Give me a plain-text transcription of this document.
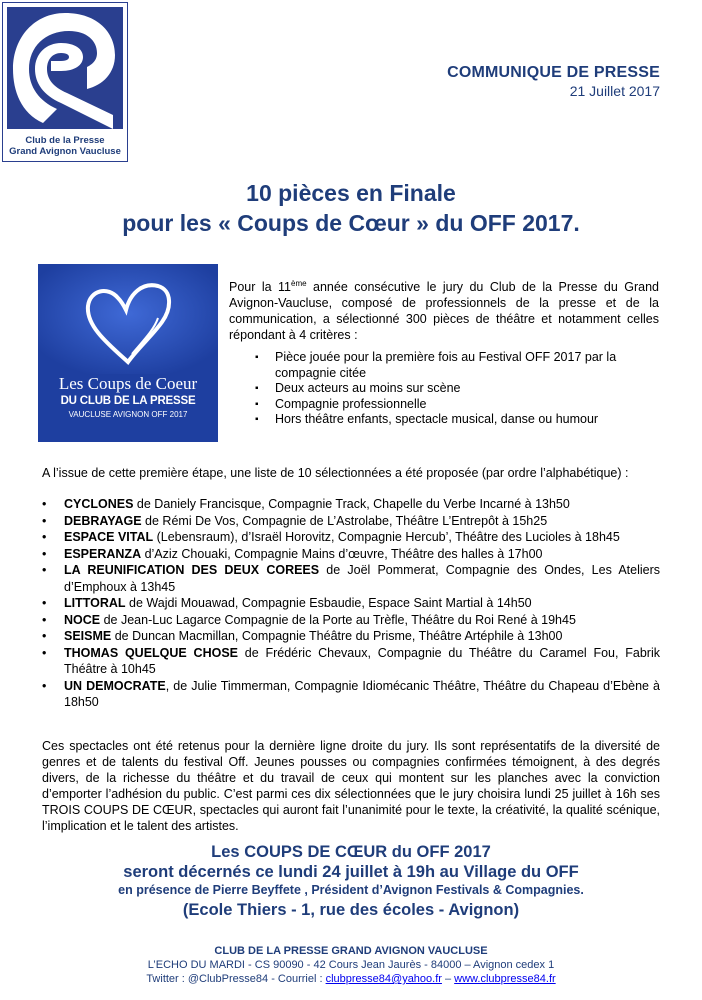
Club de la Presse
Grand Avignon Vaucluse
COMMUNIQUE DE PRESSE
21 Juillet 2017
10 pièces en Finale
pour les « Coups de Cœur » du OFF 2017.
Les Coups de Coeur
DU CLUB DE LA PRESSE
VAUCLUSE AVIGNON OFF 2017
Pour la 11ème année consécutive le jury du Club de la Presse du Grand Avignon-Vaucluse, composé de professionnels de la presse et de la communication, a sélectionné 300 pièces de théâtre et notamment celles répondant à 4 critères :
▪ Pièce jouée pour la première fois au Festival OFF 2017 par la compagnie citée
▪ Deux acteurs au moins sur scène
▪ Compagnie professionnelle
▪ Hors théâtre enfants, spectacle musical, danse ou humour
A l’issue de cette première étape, une liste de 10 sélectionnées a été proposée (par ordre l’alphabétique) :
• CYCLONES de Daniely Francisque, Compagnie Track, Chapelle du Verbe Incarné à 13h50
• DEBRAYAGE de Rémi De Vos, Compagnie de L’Astrolabe, Théâtre L’Entrepôt à 15h25
• ESPACE VITAL (Lebensraum), d’Israël Horovitz, Compagnie Hercub’, Théâtre des Lucioles à 18h45
• ESPERANZA d’Aziz Chouaki, Compagnie Mains d’œuvre, Théâtre des halles à 17h00
• LA REUNIFICATION DES DEUX COREES de Joël Pommerat, Compagnie des Ondes, Les Ateliers d’Emphoux à 13h45
• LITTORAL de Wajdi Mouawad, Compagnie Esbaudie, Espace Saint Martial à 14h50
• NOCE de Jean-Luc Lagarce Compagnie de la Porte au Trèfle, Théâtre du Roi René à 19h45
• SEISME de Duncan Macmillan, Compagnie Théâtre du Prisme, Théâtre Artéphile à 13h00
• THOMAS QUELQUE CHOSE de Frédéric Chevaux, Compagnie du Théâtre du Caramel Fou, Fabrik Théâtre à 10h45
• UN DEMOCRATE, de Julie Timmerman, Compagnie Idiomécanic Théâtre, Théâtre du Chapeau d’Ebène à 18h50
Ces spectacles ont été retenus pour la dernière ligne droite du jury. Ils sont représentatifs de la diversité de genres et de talents du festival Off. Jeunes pousses ou compagnies confirmées témoignent, à des degrés divers, de la richesse du théâtre et du travail de ceux qui montent sur les planches avec la conviction d’emporter l’adhésion du public. C’est parmi ces dix sélectionnées que le jury choisira lundi 25 juillet à 16h ses TROIS COUPS DE CŒUR, spectacles qui auront fait l’unanimité pour le texte, la créativité, la qualité scénique, l’implication et le talent des artistes.
Les COUPS DE CŒUR du OFF 2017
seront décernés ce lundi 24 juillet à 19h au Village du OFF
en présence de Pierre Beyffete , Président d’Avignon Festivals & Compagnies.
(Ecole Thiers - 1, rue des écoles - Avignon)
CLUB DE LA PRESSE GRAND AVIGNON VAUCLUSE
L’ECHO DU MARDI - CS 90090 - 42 Cours Jean Jaurès - 84000 – Avignon cedex 1
Twitter : @ClubPresse84 - Courriel : clubpresse84@yahoo.fr – www.clubpresse84.fr
